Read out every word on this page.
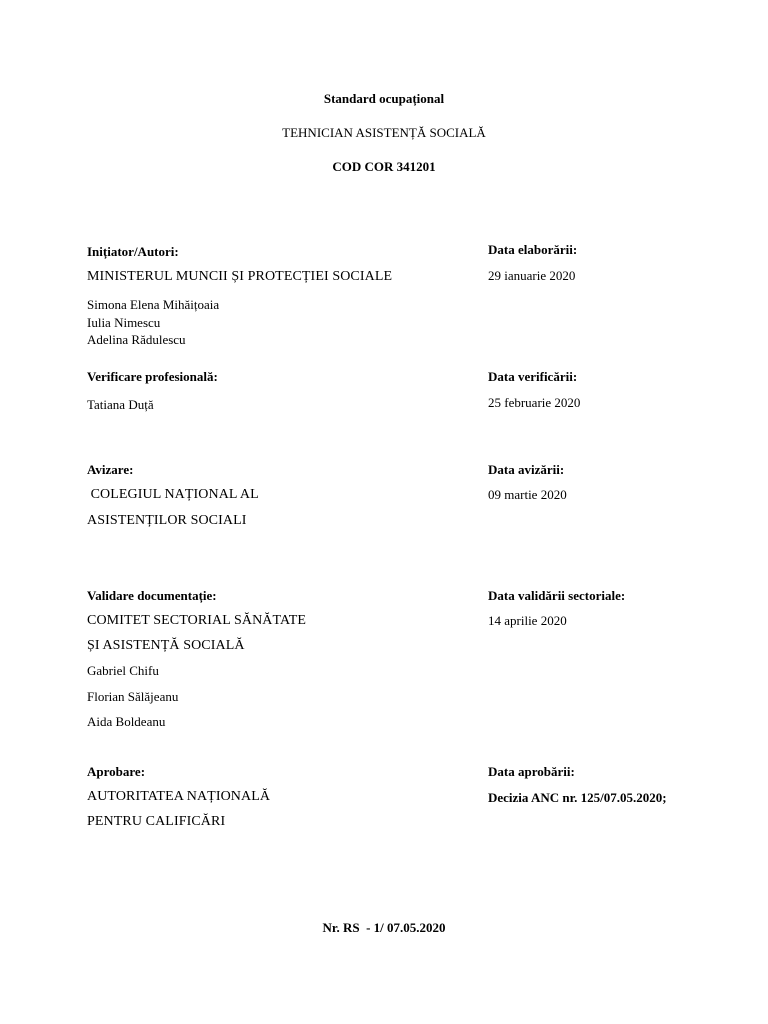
Standard ocupațional
TEHNICIAN ASISTENȚĂ SOCIALĂ
COD COR 341201
Inițiator/Autori:	Data elaborării:
MINISTERUL MUNCII ȘI PROTECȚIEI SOCIALE	29 ianuarie 2020
Simona Elena Mihăițoaia
Iulia Nimescu
Adelina Rădulescu
Verificare profesională:	Data verificării:
Tatiana Duță	25 februarie 2020
Avizare:	Data avizării:
COLEGIUL NAȚIONAL AL	09 martie 2020
ASISTENȚILOR SOCIALI
Validare documentație:	Data validării sectoriale:
COMITET SECTORIAL SĂNĂTATE	14 aprilie 2020
ȘI ASISTENȚĂ SOCIALĂ
Gabriel Chifu
Florian Sălăjeanu
Aida Boldeanu
Aprobare:	Data aprobării:
AUTORITATEA NAȚIONALĂ	Decizia ANC nr. 125/07.05.2020;
PENTRU CALIFICĂRI
Nr. RS  - 1/ 07.05.2020
